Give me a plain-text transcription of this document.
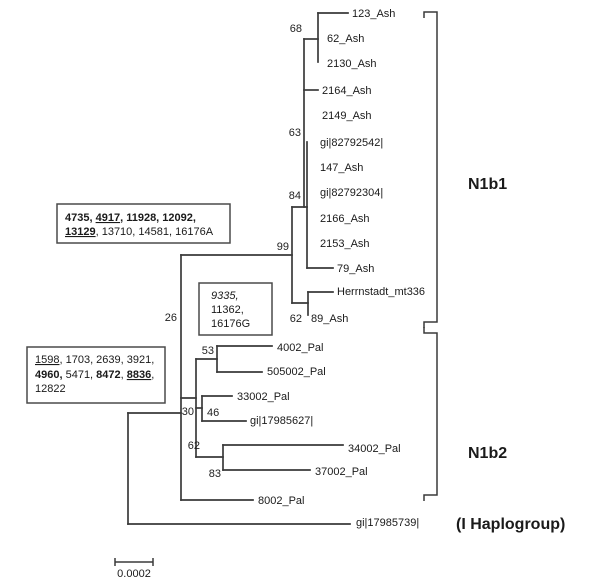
123_Ash
62_Ash
2130_Ash
2164_Ash
2149_Ash
gi|82792542|
147_Ash
gi|82792304|
2166_Ash
2153_Ash
79_Ash
Herrnstadt_mt336
89_Ash
4002_Pal
505002_Pal
33002_Pal
gi|17985627|
34002_Pal
37002_Pal
8002_Pal
gi|17985739|
68
63
84
99
62
26
53
30 46
62
83
N1b1
N1b2
(I Haplogroup)
4735, 4917, 11928, 12092,
13129, 13710, 14581, 16176A
9335,
11362,
16176G
1598, 1703, 2639, 3921,
4960, 5471, 8472, 8836,
12822
0.0002
